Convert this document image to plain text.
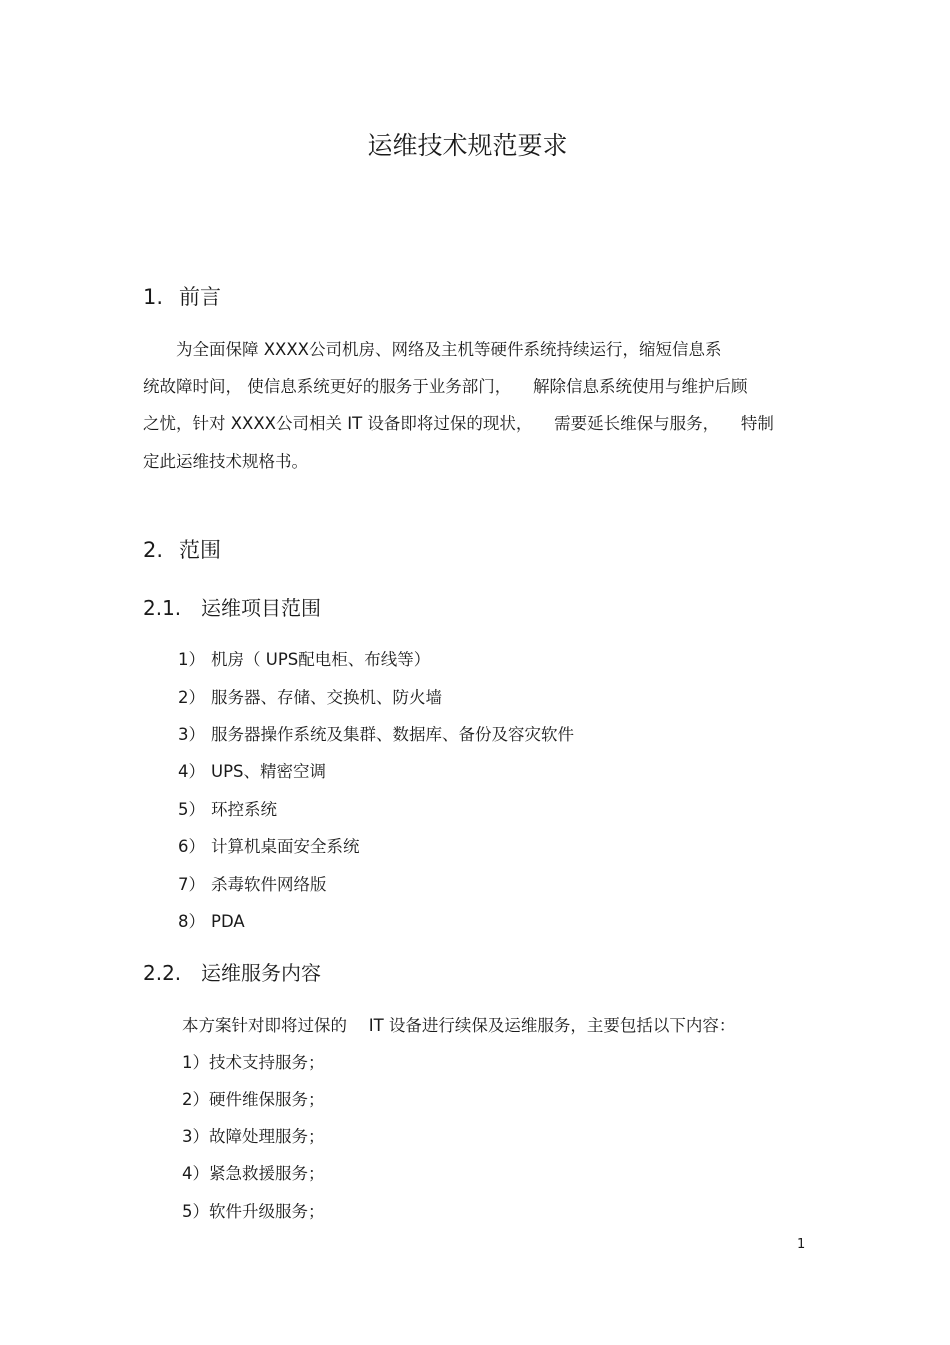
运维技术规范要求
1. 前言
　　为全面保障 XXXX公司机房、网络及主机等硬件系统持续运行，缩短信息系
统故障时间， 使信息系统更好的服务于业务部门， 　解除信息系统使用与维护后顾
之忧，针对 XXXX公司相关 IT 设备即将过保的现状， 　需要延长维保与服务， 　特制
定此运维技术规格书。
2. 范围
2.1. 运维项目范围
1） 机房（ UPS配电柜、布线等）
2） 服务器、存储、交换机、防火墙
3） 服务器操作系统及集群、数据库、备份及容灾软件
4） UPS、精密空调
5） 环控系统
6） 计算机桌面安全系统
7） 杀毒软件网络版
8） PDA
2.2. 运维服务内容
本方案针对即将过保的 　IT 设备进行续保及运维服务，主要包括以下内容：
1）技术支持服务；
2）硬件维保服务；
3）故障处理服务；
4）紧急救援服务；
5）软件升级服务；
1
